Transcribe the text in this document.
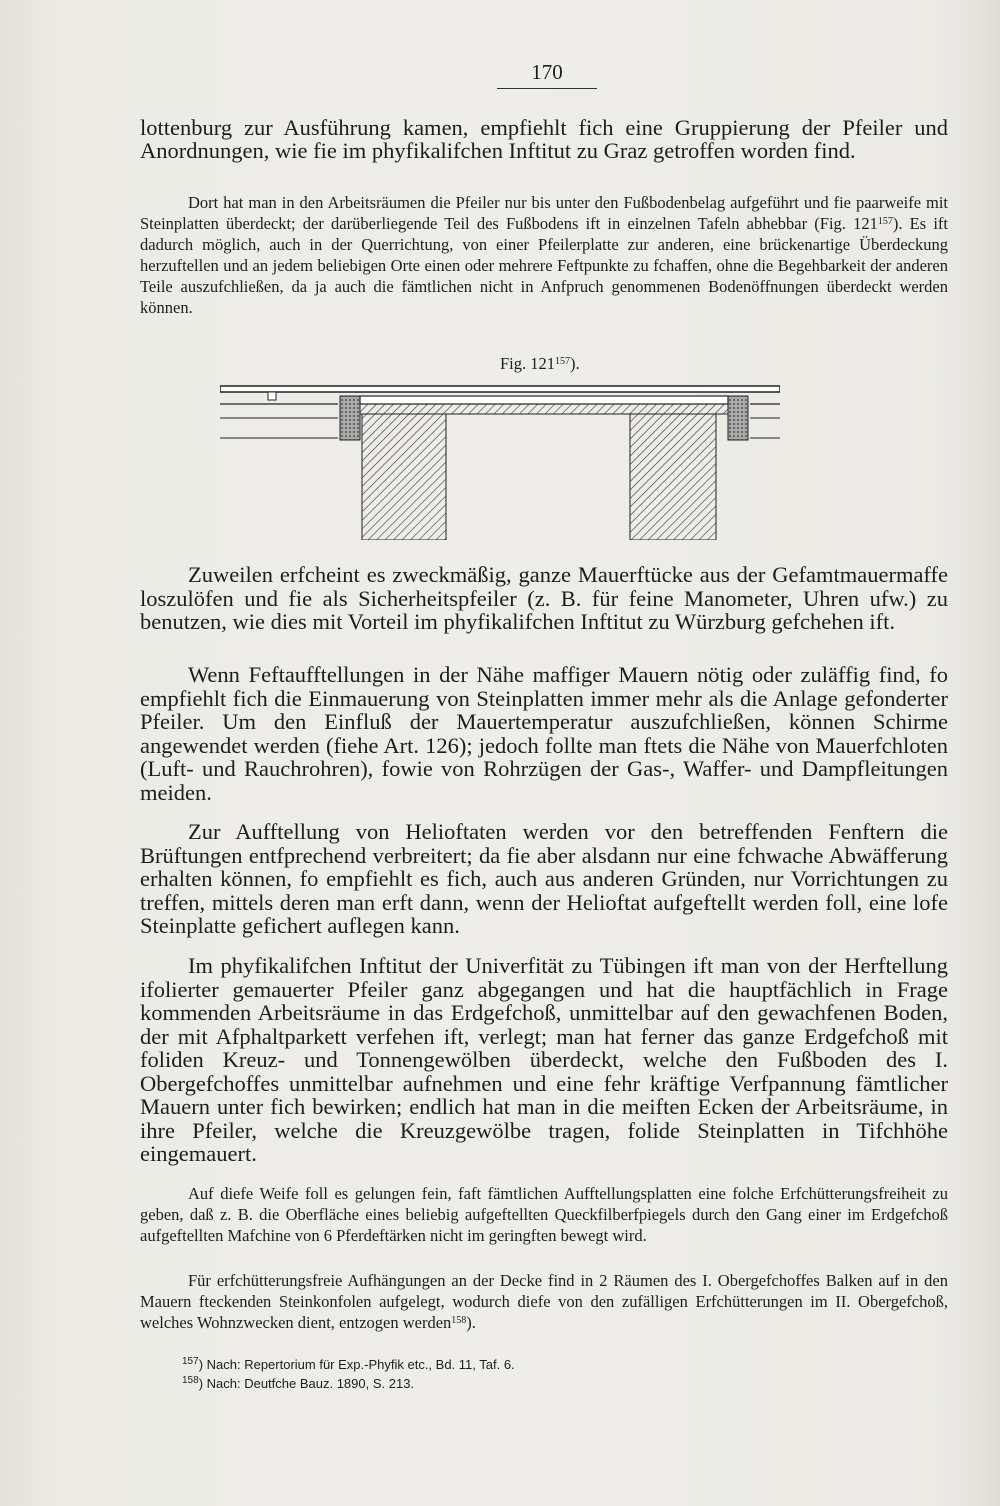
170

lottenburg zur Ausführung kamen, empfiehlt fich eine Gruppierung der Pfeiler und Anordnungen, wie fie im phyfikalifchen Inftitut zu Graz getroffen worden find.

Dort hat man in den Arbeitsräumen die Pfeiler nur bis unter den Fußbodenbelag aufgeführt und fie paarweife mit Steinplatten überdeckt; der darüberliegende Teil des Fußbodens ift in einzelnen Tafeln abhebbar (Fig. $121^{157}$). Es ift dadurch möglich, auch in der Querrichtung, von einer Pfeilerplatte zur anderen, eine brückenartige Überdeckung herzuftellen und an jedem beliebigen Orte einen oder mehrere Feftpunkte zu fchaffen, ohne die Begehbarkeit der anderen Teile auszufchließen, da ja auch die fämtlichen nicht in Anfpruch genommenen Bodenöffnungen überdeckt werden können.

Fig. $121^{157}$).

Zuweilen erfcheint es zweckmäßig, ganze Mauerftücke aus der Gefamtmauermaffe loszulöfen und fie als Sicherheitspfeiler (z. B. für feine Manometer, Uhren ufw.) zu benutzen, wie dies mit Vorteil im phyfikalifchen Inftitut zu Würzburg gefchehen ift.

Wenn Feftaufftellungen in der Nähe maffiger Mauern nötig oder zuläffig find, fo empfiehlt fich die Einmauerung von Steinplatten immer mehr als die Anlage gefonderter Pfeiler. Um den Einfluß der Mauertemperatur auszufchließen, können Schirme angewendet werden (fiehe Art. 126); jedoch follte man ftets die Nähe von Mauerfchloten (Luft- und Rauchrohren), fowie von Rohrzügen der Gas-, Waffer- und Dampfleitungen meiden.

Zur Aufftellung von Helioftaten werden vor den betreffenden Fenftern die Brüftungen entfprechend verbreitert; da fie aber alsdann nur eine fchwache Abwäfferung erhalten können, fo empfiehlt es fich, auch aus anderen Gründen, nur Vorrichtungen zu treffen, mittels deren man erft dann, wenn der Helioftat aufgeftellt werden foll, eine lofe Steinplatte gefichert auflegen kann.

Im phyfikalifchen Inftitut der Univerfität zu Tübingen ift man von der Herftellung ifolierter gemauerter Pfeiler ganz abgegangen und hat die hauptfächlich in Frage kommenden Arbeitsräume in das Erdgefchoß, unmittelbar auf den gewachfenen Boden, der mit Afphaltparkett verfehen ift, verlegt; man hat ferner das ganze Erdgefchoß mit foliden Kreuz- und Tonnengewölben überdeckt, welche den Fußboden des I. Obergefchoffes unmittelbar aufnehmen und eine fehr kräftige Verfpannung fämtlicher Mauern unter fich bewirken; endlich hat man in die meiften Ecken der Arbeitsräume, in ihre Pfeiler, welche die Kreuzgewölbe tragen, folide Steinplatten in Tifchhöhe eingemauert.

Auf diefe Weife foll es gelungen fein, faft fämtlichen Aufftellungsplatten eine folche Erfchütterungsfreiheit zu geben, daß z. B. die Oberfläche eines beliebig aufgeftellten Queckfilberfpiegels durch den Gang einer im Erdgefchoß aufgeftellten Mafchine von 6 Pferdeftärken nicht im geringften bewegt wird.

Für erfchütterungsfreie Aufhängungen an der Decke find in 2 Räumen des I. Obergefchoffes Balken auf in den Mauern fteckenden Steinkonfolen aufgelegt, wodurch diefe von den zufälligen Erfchütterungen im II. Obergefchoß, welches Wohnzwecken dient, entzogen werden$^{158}$).

$^{157}$) Nach: Repertorium für Exp.-Phyfik etc., Bd. 11, Taf. 6.

$^{158}$) Nach: Deutfche Bauz. 1890, S. 213.
